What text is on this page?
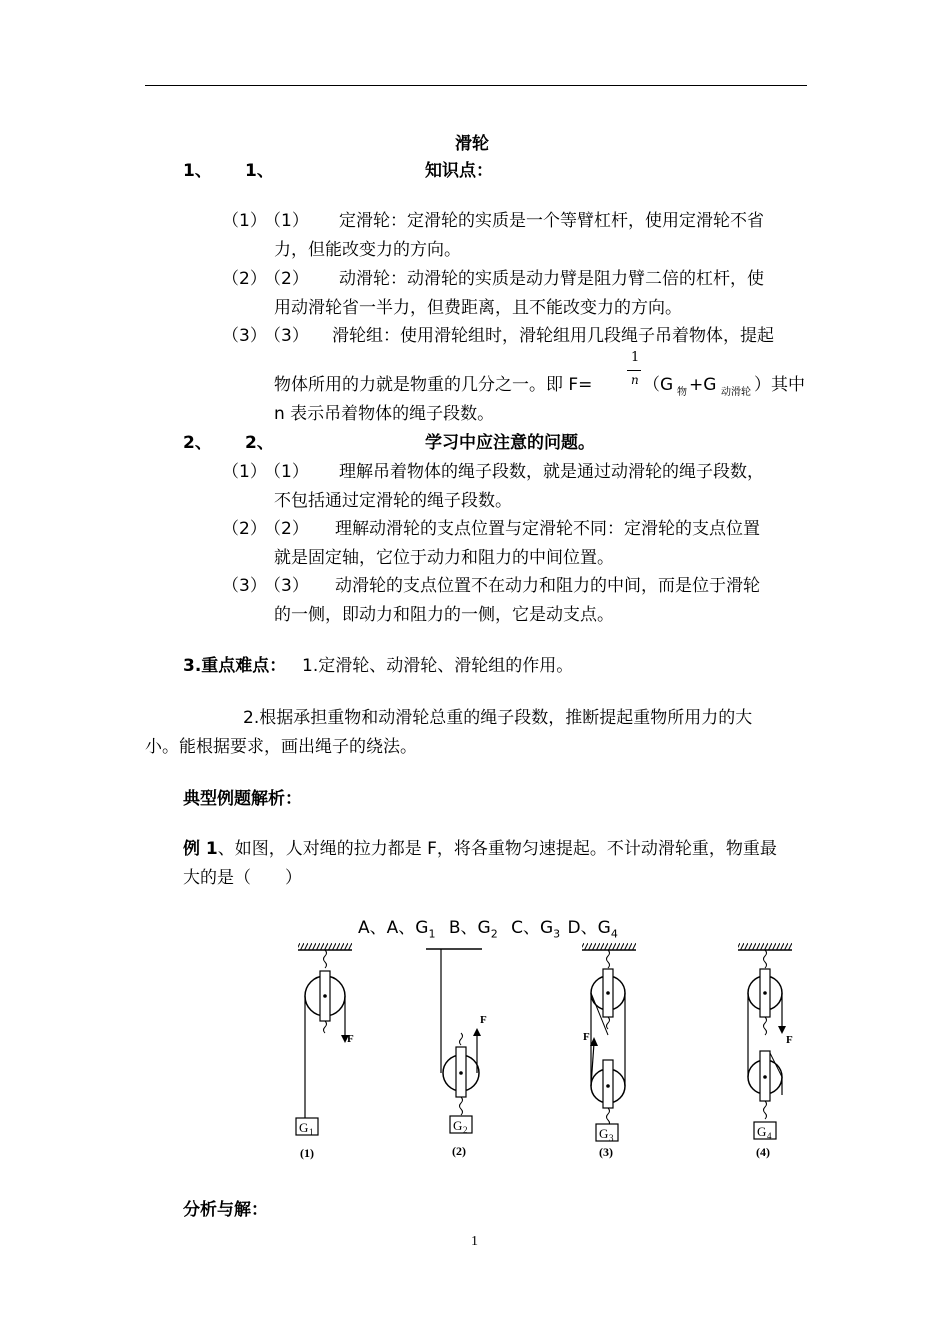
滑轮
1、 1、	知识点：
（1）
（1） 定滑轮：定滑轮的实质是一个等臂杠杆，使用定滑轮不省
力，但能改变力的方向。
（2）
（2） 动滑轮：动滑轮的实质是动力臂是阻力臂二倍的杠杆，使
用动滑轮省一半力，但费距离，且不能改变力的方向。
（3）
（3） 滑轮组：使用滑轮组时，滑轮组用几段绳子吊着物体，提起
物体所用的力就是物重的几分之一。即 F=
1
n （G 物 +G 动滑轮 ）其中
n 表示吊着物体的绳子段数。
2、 2、	学习中应注意的问题。
（1）
（1） 理解吊着物体的绳子段数，就是通过动滑轮的绳子段数，
不包括通过定滑轮的绳子段数。
（2）
（2） 理解动滑轮的支点位置与定滑轮不同：定滑轮的支点位置
就是固定轴，它位于动力和阻力的中间位置。
（3）
（3） 动滑轮的支点位置不在动力和阻力的中间，而是位于滑轮
的一侧，即动力和阻力的一侧，它是动支点。
3.重点难点： 1.定滑轮、动滑轮、滑轮组的作用。
2.根据承担重物和动滑轮总重的绳子段数，推断提起重物所用力的大
小。能根据要求，画出绳子的绕法。
典型例题解析：
例 1、如图，人对绳的拉力都是 F，将各重物匀速提起。不计动滑轮重，物重最
大的是（　　）
A、A、$G_1$ B、$G_2$ C、$G_3$ D、$G_4$
F
G 1
(1)
F
G 2
(2)
F
G 3
(3)
F
G 4
(4)
分析与解：
1
